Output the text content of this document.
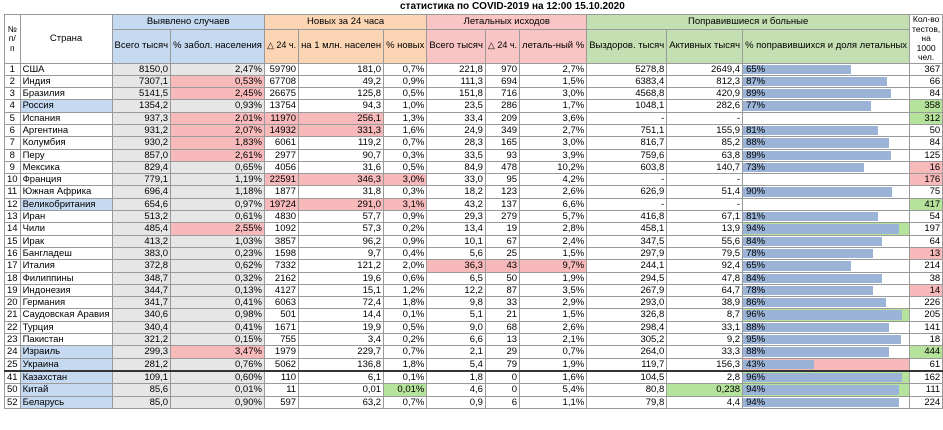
статистика по COVID-2019 на 12:00 15.10.2020
№ п/п	Страна	Выявлено случаев		Новых за 24 часа			Летальных исходов			Поправившиеся и больные			Кол-во тестов, на 1000 чел.
		Всего тысяч	% забол. населения	△ 24 ч.	на 1 млн. населен	% новых	Всего тысяч	△ 24 ч.	леталь-ный %	Выздоров. тысяч	Активных тысяч	% поправившихся и доля летальных	
1	США	8150,0	2,47%	59790	181,0	0,7%	221,8	970	2,7%	5278,8	2649,4	65%	367
2	Индия	7307,1	0,53%	67708	49,2	0,9%	111,3	694	1,5%	6383,4	812,3	87%	66
3	Бразилия	5141,5	2,45%	26675	125,8	0,5%	151,8	716	3,0%	4568,8	420,9	89%	84
4	Россия	1354,2	0,93%	13754	94,3	1,0%	23,5	286	1,7%	1048,1	282,6	77%	358
5	Испания	937,3	2,01%	11970	256,1	1,3%	33,4	209	3,6%	-	-		312
6	Аргентина	931,2	2,07%	14932	331,3	1,6%	24,9	349	2,7%	751,1	155,9	81%	50
7	Колумбия	930,2	1,83%	6061	119,2	0,7%	28,3	165	3,0%	816,7	85,2	88%	84
8	Перу	857,0	2,61%	2977	90,7	0,3%	33,5	93	3,9%	759,6	63,8	89%	125
9	Мексика	829,4	0,65%	4056	31,6	0,5%	84,9	478	10,2%	603,8	140,7	73%	16
10	Франция	779,1	1,19%	22591	346,3	3,0%	33,0	95	4,2%	-	-		176
11	Южная Африка	696,4	1,18%	1877	31,8	0,3%	18,2	123	2,6%	626,9	51,4	90%	75
12	Великобритания	654,6	0,97%	19724	291,0	3,1%	43,2	137	6,6%	-	-		417
13	Иран	513,2	0,61%	4830	57,7	0,9%	29,3	279	5,7%	416,8	67,1	81%	54
14	Чили	485,4	2,55%	1092	57,3	0,2%	13,4	19	2,8%	458,1	13,9	94%	197
15	Ирак	413,2	1,03%	3857	96,2	0,9%	10,1	67	2,4%	347,5	55,6	84%	64
16	Бангладеш	383,0	0,23%	1598	9,7	0,4%	5,6	25	1,5%	297,9	79,5	78%	13
17	Италия	372,8	0,62%	7332	121,2	2,0%	36,3	43	9,7%	244,1	92,4	65%	214
18	Филиппины	348,7	0,32%	2162	19,6	0,6%	6,5	50	1,9%	294,5	47,8	84%	38
19	Индонезия	344,7	0,13%	4127	15,1	1,2%	12,2	87	3,5%	267,9	64,7	78%	14
20	Германия	341,7	0,41%	6063	72,4	1,8%	9,8	33	2,9%	293,0	38,9	86%	226
21	Саудовская Аравия	340,6	0,98%	501	14,4	0,1%	5,1	21	1,5%	326,8	8,7	96%	205
22	Турция	340,4	0,41%	1671	19,9	0,5%	9,0	68	2,6%	298,4	33,1	88%	141
23	Пакистан	321,2	0,15%	755	3,4	0,2%	6,6	13	2,1%	305,2	9,2	95%	18
24	Израиль	299,3	3,47%	1979	229,7	0,7%	2,1	29	0,7%	264,0	33,3	88%	444
25	Украина	281,2	0,76%	5062	136,8	1,8%	5,4	79	1,9%	119,7	156,3	43%	61
41	Казахстан	109,1	0,60%	110	6,1	0,1%	1,8	0	1,6%	104,5	2,8	96%	162
50	Китай	85,6	0,01%	11	0,01	0,01%	4,6	0	5,4%	80,8	0,238	94%	111
52	Беларусь	85,0	0,90%	597	63,2	0,7%	0,9	6	1,1%	79,8	4,4	94%	224
